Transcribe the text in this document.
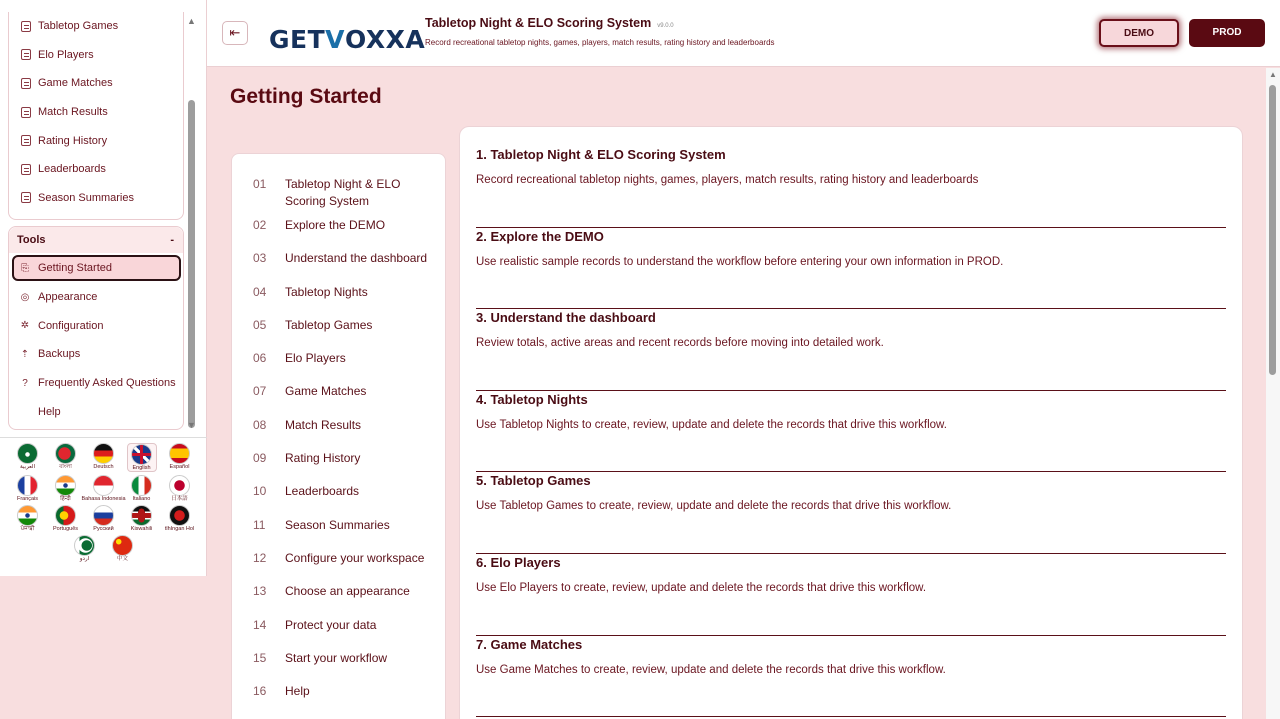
Tabletop Games
Elo Players
Game Matches
Match Results
Rating History
Leaderboards
Season Summaries
Tools	-
⎘ Getting Started
◎ Appearance
✲ Configuration
⇡ Backups
? Frequently Asked Questions
Help
▲
▼
العربية	বাংলা	Deutsch	English	Español
Français	हिन्दी Bahasa Indonesia Italiano	日本語
ਪੰਜਾਬੀ	Português	Русский	Kiswahili tlhIngan Hol
اردو	中文
⇤	GET V OXXA
Tabletop Night & ELO Scoring System v9.0.0
Record recreational tabletop nights, games, players, match results, rating history and leaderboards
DEMO	PROD
Getting Started
01	Tabletop Night & ELO Scoring System
02	Explore the DEMO
03	Understand the dashboard
04	Tabletop Nights
05	Tabletop Games
06	Elo Players
07	Game Matches
08	Match Results
09	Rating History
10	Leaderboards
11	Season Summaries
12	Configure your workspace
13	Choose an appearance
14	Protect your data
15	Start your workflow
16	Help
1. Tabletop Night & ELO Scoring System

Record recreational tabletop nights, games, players, match results, rating history and leaderboards

2. Explore the DEMO

Use realistic sample records to understand the workflow before entering your own information in PROD.

3. Understand the dashboard

Review totals, active areas and recent records before moving into detailed work.

4. Tabletop Nights

Use Tabletop Nights to create, review, update and delete the records that drive this workflow.

5. Tabletop Games

Use Tabletop Games to create, review, update and delete the records that drive this workflow.

6. Elo Players

Use Elo Players to create, review, update and delete the records that drive this workflow.

7. Game Matches

Use Game Matches to create, review, update and delete the records that drive this workflow.

▲
